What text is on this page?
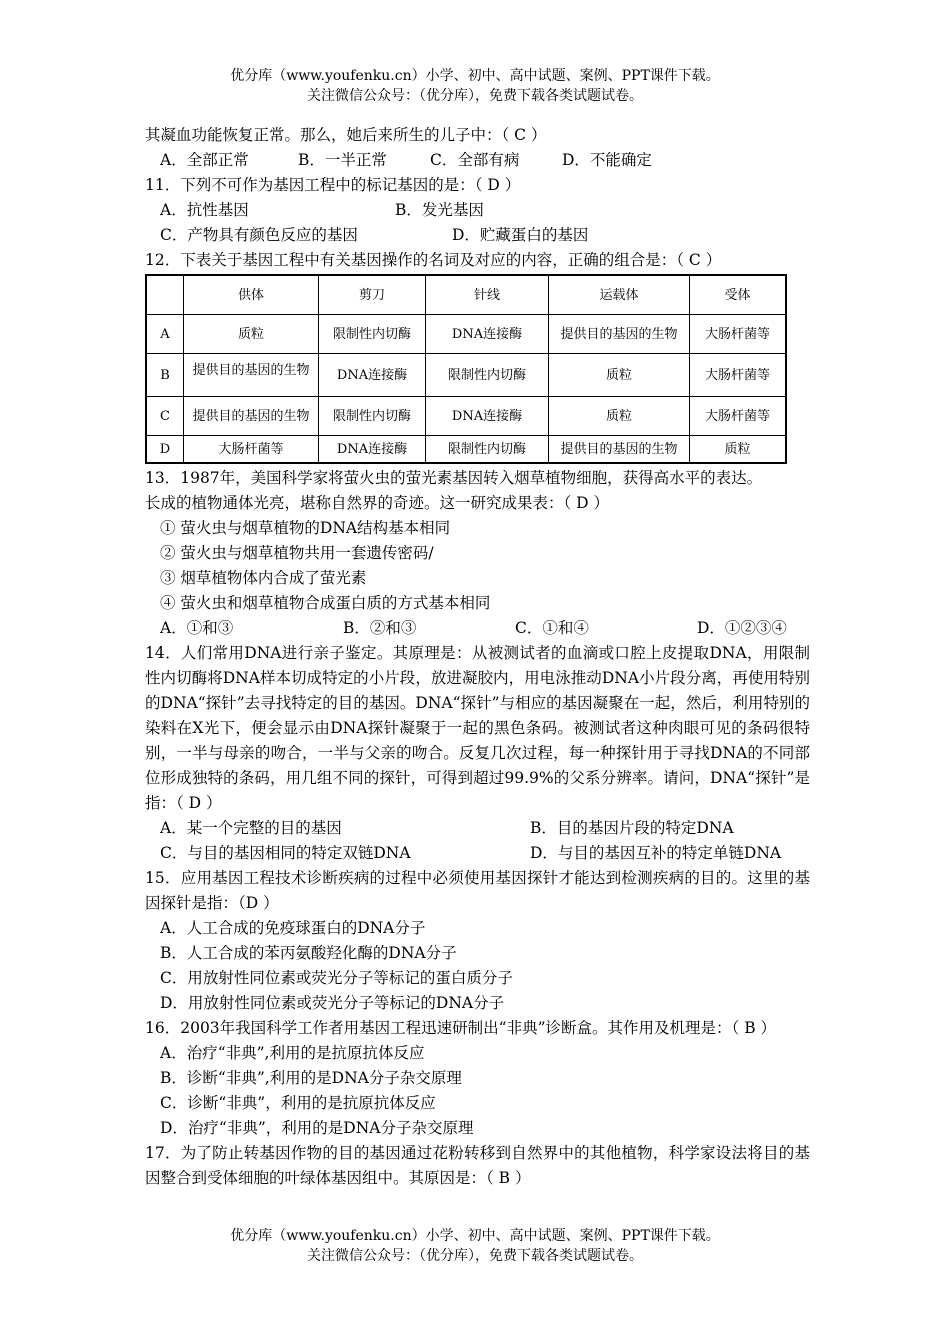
优分库（www.youfenku.cn）小学、初中、高中试题、案例、PPT课件下载。
关注微信公众号：（优分库），免费下载各类试题试卷。
其凝血功能恢复正常。那么，她后来所生的儿子中：（ C ）
A．全部正常	B．一半正常	C．全部有病	D．不能确定
11．下列不可作为基因工程中的标记基因的是：（ D ）
A．抗性基因	B．发光基因
C．产物具有颜色反应的基因	D．贮藏蛋白的基因
12．下表关于基因工程中有关基因操作的名词及对应的内容，正确的组合是：（ C ）
	供体	剪刀	针线	运载体	受体
A	质粒	限制性内切酶	DNA连接酶	提供目的基因的生物	大肠杆菌等
B	提供目的基因的生物	DNA连接酶	限制性内切酶	质粒	大肠杆菌等
C	提供目的基因的生物	限制性内切酶	DNA连接酶	质粒	大肠杆菌等
D	大肠杆菌等	DNA连接酶	限制性内切酶	提供目的基因的生物	质粒
13．1987年，美国科学家将萤火虫的萤光素基因转入烟草植物细胞，获得高水平的表达。
长成的植物通体光亮，堪称自然界的奇迹。这一研究成果表：（ D ）
① 萤火虫与烟草植物的DNA结构基本相同
② 萤火虫与烟草植物共用一套遗传密码/
③ 烟草植物体内合成了萤光素
④ 萤火虫和烟草植物合成蛋白质的方式基本相同
A．①和③	B．②和③	C．①和④	D．①②③④
14．人们常用DNA进行亲子鉴定。其原理是：从被测试者的血滴或口腔上皮提取DNA，用限制性内切酶将DNA样本切成特定的小片段，放进凝胶内，用电泳推动DNA小片段分离，再使用特别的DNA“探针”去寻找特定的目的基因。DNA“探针”与相应的基因凝聚在一起，然后，利用特别的染料在X光下，便会显示由DNA探针凝聚于一起的黑色条码。被测试者这种肉眼可见的条码很特别，一半与母亲的吻合，一半与父亲的吻合。反复几次过程，每一种探针用于寻找DNA的不同部位形成独特的条码，用几组不同的探针，可得到超过99.9%的父系分辨率。请问，DNA“探针”是指：（ D ）
A．某一个完整的目的基因	B．目的基因片段的特定DNA
C．与目的基因相同的特定双链DNA	D．与目的基因互补的特定单链DNA
15．应用基因工程技术诊断疾病的过程中必须使用基因探针才能达到检测疾病的目的。这里的基因探针是指：（D ）
A．人工合成的免疫球蛋白的DNA分子
B．人工合成的苯丙氨酸羟化酶的DNA分子
C．用放射性同位素或荧光分子等标记的蛋白质分子
D．用放射性同位素或荧光分子等标记的DNA分子
16．2003年我国科学工作者用基因工程迅速研制出“非典”诊断盒。其作用及机理是：（ B ）
A．治疗“非典”,利用的是抗原抗体反应
B．诊断“非典”,利用的是DNA分子杂交原理
C．诊断“非典”，利用的是抗原抗体反应
D．治疗“非典”，利用的是DNA分子杂交原理
17．为了防止转基因作物的目的基因通过花粉转移到自然界中的其他植物，科学家设法将目的基因整合到受体细胞的叶绿体基因组中。其原因是：（ B ）
优分库（www.youfenku.cn）小学、初中、高中试题、案例、PPT课件下载。
关注微信公众号：（优分库），免费下载各类试题试卷。
